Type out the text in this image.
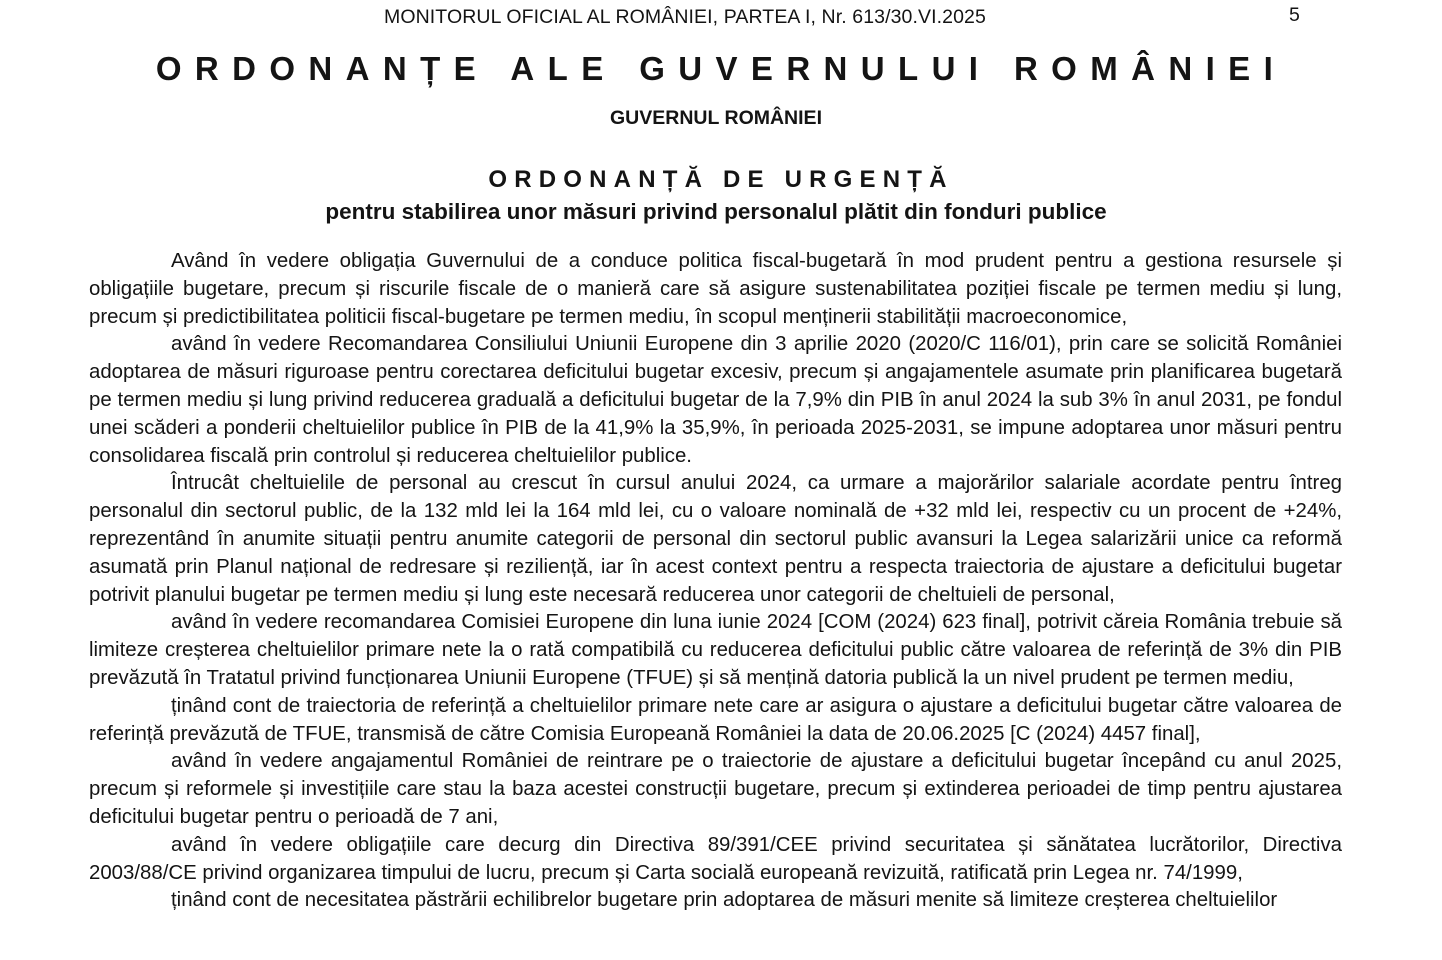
MONITORUL OFICIAL AL ROMÂNIEI, PARTEA I, Nr. 613/30.VI.2025	5
ORDONANȚE ALE GUVERNULUI ROMÂNIEI
GUVERNUL ROMÂNIEI
ORDONANȚĂ DE URGENȚĂ
pentru stabilirea unor măsuri privind personalul plătit din fonduri publice

Având în vedere obligația Guvernului de a conduce politica fiscal-bugetară în mod prudent pentru a gestiona resursele și obligațiile bugetare, precum și riscurile fiscale de o manieră care să asigure sustenabilitatea poziției fiscale pe termen mediu și lung, precum și predictibilitatea politicii fiscal-bugetare pe termen mediu, în scopul menținerii stabilității macroeconomice,

având în vedere Recomandarea Consiliului Uniunii Europene din 3 aprilie 2020 (2020/C 116/01), prin care se solicită României adoptarea de măsuri riguroase pentru corectarea deficitului bugetar excesiv, precum și angajamentele asumate prin planificarea bugetară pe termen mediu și lung privind reducerea graduală a deficitului bugetar de la 7,9% din PIB în anul 2024 la sub 3% în anul 2031, pe fondul unei scăderi a ponderii cheltuielilor publice în PIB de la 41,9% la 35,9%, în perioada 2025-2031, se impune adoptarea unor măsuri pentru consolidarea fiscală prin controlul și reducerea cheltuielilor publice.

Întrucât cheltuielile de personal au crescut în cursul anului 2024, ca urmare a majorărilor salariale acordate pentru întreg personalul din sectorul public, de la 132 mld lei la 164 mld lei, cu o valoare nominală de +32 mld lei, respectiv cu un procent de +24%, reprezentând în anumite situații pentru anumite categorii de personal din sectorul public avansuri la Legea salarizării unice ca reformă asumată prin Planul național de redresare și reziliență, iar în acest context pentru a respecta traiectoria de ajustare a deficitului bugetar potrivit planului bugetar pe termen mediu și lung este necesară reducerea unor categorii de cheltuieli de personal,

având în vedere recomandarea Comisiei Europene din luna iunie 2024 [COM (2024) 623 final], potrivit căreia România trebuie să limiteze creșterea cheltuielilor primare nete la o rată compatibilă cu reducerea deficitului public către valoarea de referință de 3% din PIB prevăzută în Tratatul privind funcționarea Uniunii Europene (TFUE) și să mențină datoria publică la un nivel prudent pe termen mediu,

ținând cont de traiectoria de referință a cheltuielilor primare nete care ar asigura o ajustare a deficitului bugetar către valoarea de referință prevăzută de TFUE, transmisă de către Comisia Europeană României la data de 20.06.2025 [C (2024) 4457 final],

având în vedere angajamentul României de reintrare pe o traiectorie de ajustare a deficitului bugetar începând cu anul 2025, precum și reformele și investițiile care stau la baza acestei construcții bugetare, precum și extinderea perioadei de timp pentru ajustarea deficitului bugetar pentru o perioadă de 7 ani,

având în vedere obligațiile care decurg din Directiva 89/391/CEE privind securitatea și sănătatea lucrătorilor, Directiva 2003/88/CE privind organizarea timpului de lucru, precum și Carta socială europeană revizuită, ratificată prin Legea nr. 74/1999,

ținând cont de necesitatea păstrării echilibrelor bugetare prin adoptarea de măsuri menite să limiteze creșterea cheltuielilor
